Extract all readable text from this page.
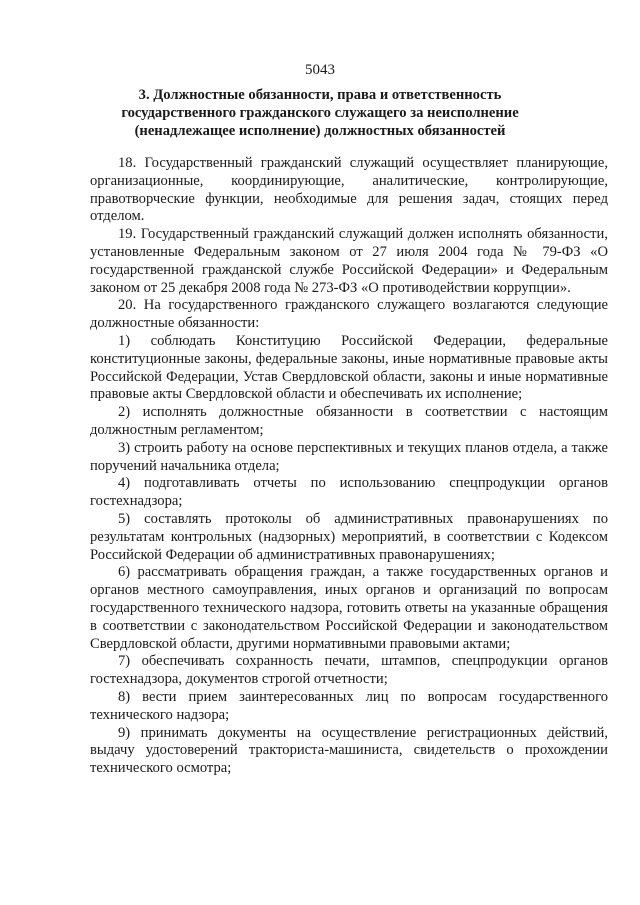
5043
3. Должностные обязанности, права и ответственность
государственного гражданского служащего за неисполнение
(ненадлежащее исполнение) должностных обязанностей

18. Государственный гражданский служащий осуществляет планирующие, организационные, координирующие, аналитические, контролирующие, правотворческие функции, необходимые для решения задач, стоящих перед отделом.

19. Государственный гражданский служащий должен исполнять обязанности, установленные Федеральным законом от 27 июля 2004 года № 79-ФЗ «О государственной гражданской службе Российской Федерации» и Федеральным законом от 25 декабря 2008 года № 273-ФЗ «О противодействии коррупции».

20. На государственного гражданского служащего возлагаются следующие должностные обязанности:

1) соблюдать Конституцию Российской Федерации, федеральные конституционные законы, федеральные законы, иные нормативные правовые акты Российской Федерации, Устав Свердловской области, законы и иные нормативные правовые акты Свердловской области и обеспечивать их исполнение;

2) исполнять должностные обязанности в соответствии с настоящим должностным регламентом;

3) строить работу на основе перспективных и текущих планов отдела, а также поручений начальника отдела;

4) подготавливать отчеты по использованию спецпродукции органов гостехнадзора;

5) составлять протоколы об административных правонарушениях по результатам контрольных (надзорных) мероприятий, в соответствии с Кодексом Российской Федерации об административных правонарушениях;

6) рассматривать обращения граждан, а также государственных органов и органов местного самоуправления, иных органов и организаций по вопросам государственного технического надзора, готовить ответы на указанные обращения в соответствии с законодательством Российской Федерации и законодательством Свердловской области, другими нормативными правовыми актами;

7) обеспечивать сохранность печати, штампов, спецпродукции органов гостехнадзора, документов строгой отчетности;

8) вести прием заинтересованных лиц по вопросам государственного технического надзора;

9) принимать документы на осуществление регистрационных действий, выдачу удостоверений тракториста-машиниста, свидетельств о прохождении технического осмотра;
